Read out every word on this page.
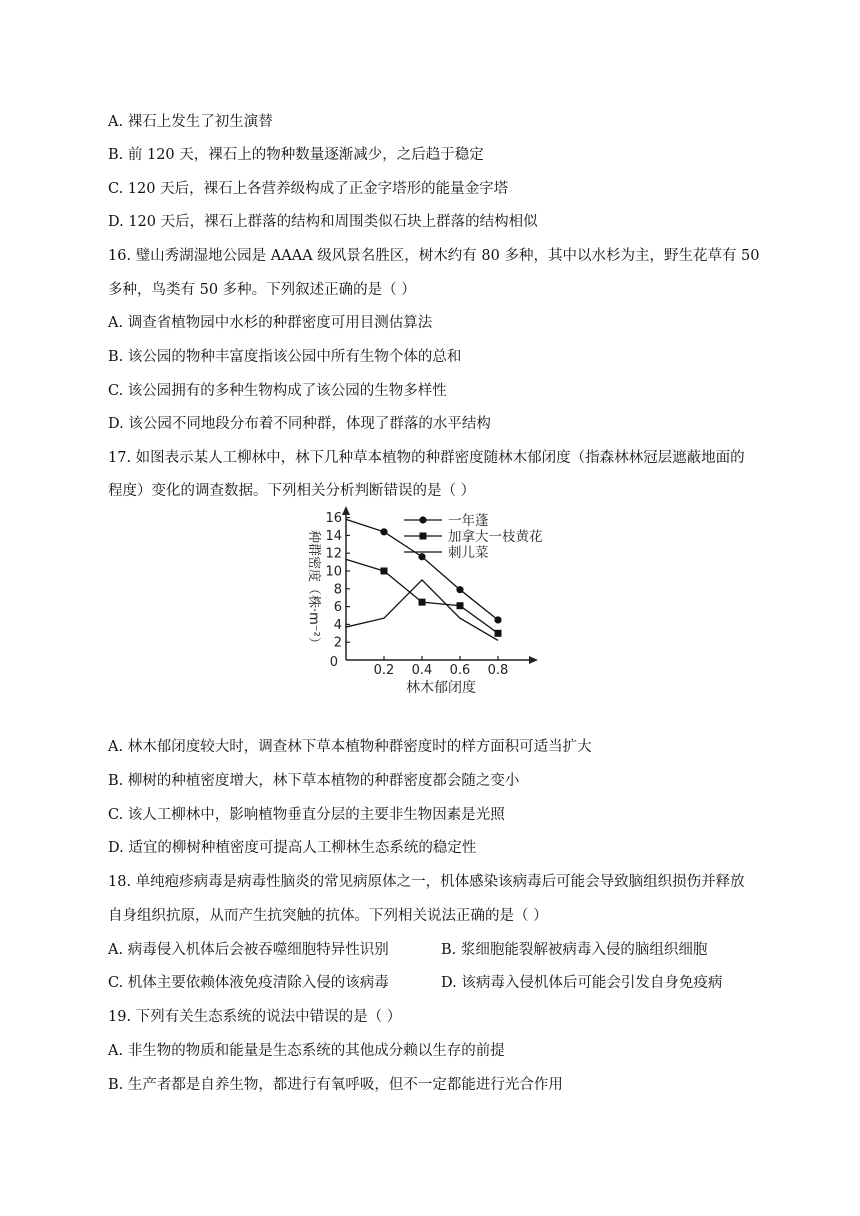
A. 裸石上发生了初生演替
B. 前 120 天，裸石上的物种数量逐渐减少，之后趋于稳定
C. 120 天后，裸石上各营养级构成了正金字塔形的能量金字塔
D. 120 天后，裸石上群落的结构和周围类似石块上群落的结构相似
16. 璧山秀湖湿地公园是 AAAA 级风景名胜区，树木约有 80 多种，其中以水杉为主，野生花草有 50
多种，鸟类有 50 多种。下列叙述正确的是（ ）
A. 调查省植物园中水杉的种群密度可用目测估算法
B. 该公园的物种丰富度指该公园中所有生物个体的总和
C. 该公园拥有的多种生物构成了该公园的生物多样性
D. 该公园不同地段分布着不同种群，体现了群落的水平结构
17. 如图表示某人工柳林中，林下几种草本植物的种群密度随林木郁闭度（指森林林冠层遮蔽地面的
程度）变化的调查数据。下列相关分析判断错误的是（ ）
0.2 0.4 0.6 0.8
2
4
6
8
10
12
14
16
0
林木郁闭度
种群密度（株·m⁻²）
一年蓬
加拿大一枝黄花
刺儿菜
A. 林木郁闭度较大时，调查林下草本植物种群密度时的样方面积可适当扩大
B. 柳树的种植密度增大，林下草本植物的种群密度都会随之变小
C. 该人工柳林中，影响植物垂直分层的主要非生物因素是光照
D. 适宜的柳树种植密度可提高人工柳林生态系统的稳定性
18. 单纯疱疹病毒是病毒性脑炎的常见病原体之一，机体感染该病毒后可能会导致脑组织损伤并释放
自身组织抗原，从而产生抗突触的抗体。下列相关说法正确的是（ ）
A. 病毒侵入机体后会被吞噬细胞特异性识别	B. 浆细胞能裂解被病毒入侵的脑组织细胞
C. 机体主要依赖体液免疫清除入侵的该病毒	D. 该病毒入侵机体后可能会引发自身免疫病
19. 下列有关生态系统的说法中错误的是（ ）
A. 非生物的物质和能量是生态系统的其他成分赖以生存的前提
B. 生产者都是自养生物，都进行有氧呼吸，但不一定都能进行光合作用
